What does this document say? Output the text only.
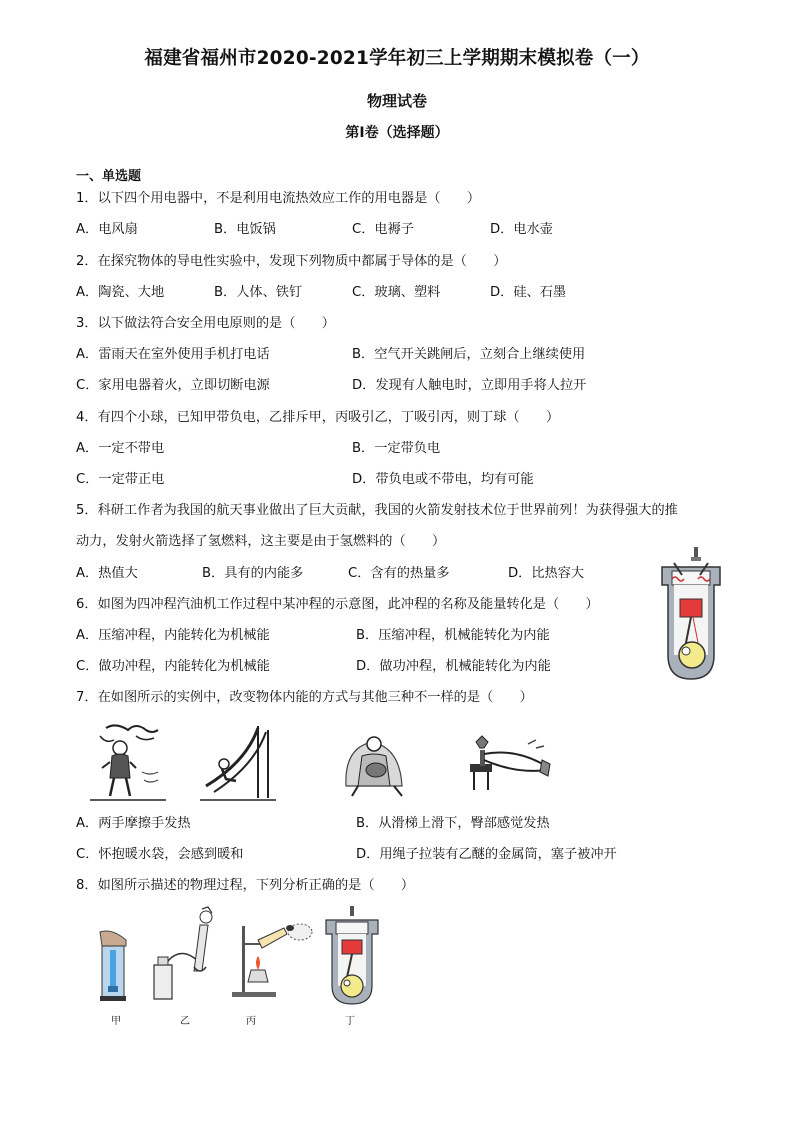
福建省福州市2020-2021学年初三上学期期末模拟卷（一）
物理试卷
第I卷（选择题）
一、单选题
1．以下四个用电器中，不是利用电流热效应工作的用电器是（　　）
A．电风扇	B．电饭锅	C．电褥子	D．电水壶
2．在探究物体的导电性实验中，发现下列物质中都属于导体的是（　　）
A．陶瓷、大地	B．人体、铁钉	C．玻璃、塑料	D．硅、石墨
3．以下做法符合安全用电原则的是（　　）
A．雷雨天在室外使用手机打电话	B．空气开关跳闸后，立刻合上继续使用
C．家用电器着火，立即切断电源	D．发现有人触电时，立即用手将人拉开
4．有四个小球，已知甲带负电，乙排斥甲，丙吸引乙，丁吸引丙，则丁球（　　）
A．一定不带电	B．一定带负电
C．一定带正电	D．带负电或不带电，均有可能
5．科研工作者为我国的航天事业做出了巨大贡献，我国的火箭发射技术位于世界前列！为获得强大的推
动力，发射火箭选择了氢燃料，这主要是由于氢燃料的（　　）
A．热值大	B．具有的内能多	C．含有的热量多	D．比热容大
6．如图为四冲程汽油机工作过程中某冲程的示意图，此冲程的名称及能量转化是（　　）
A．压缩冲程，内能转化为机械能	B．压缩冲程，机械能转化为内能
C．做功冲程，内能转化为机械能	D．做功冲程，机械能转化为内能
7．在如图所示的实例中，改变物体内能的方式与其他三种不一样的是（　　）
A．两手摩擦手发热	B．从滑梯上滑下，臀部感觉发热
C．怀抱暖水袋，会感到暖和	D．用绳子拉装有乙醚的金属筒，塞子被冲开
8．如图所示描述的物理过程，下列分析正确的是（　　）
甲	乙	丙	丁
